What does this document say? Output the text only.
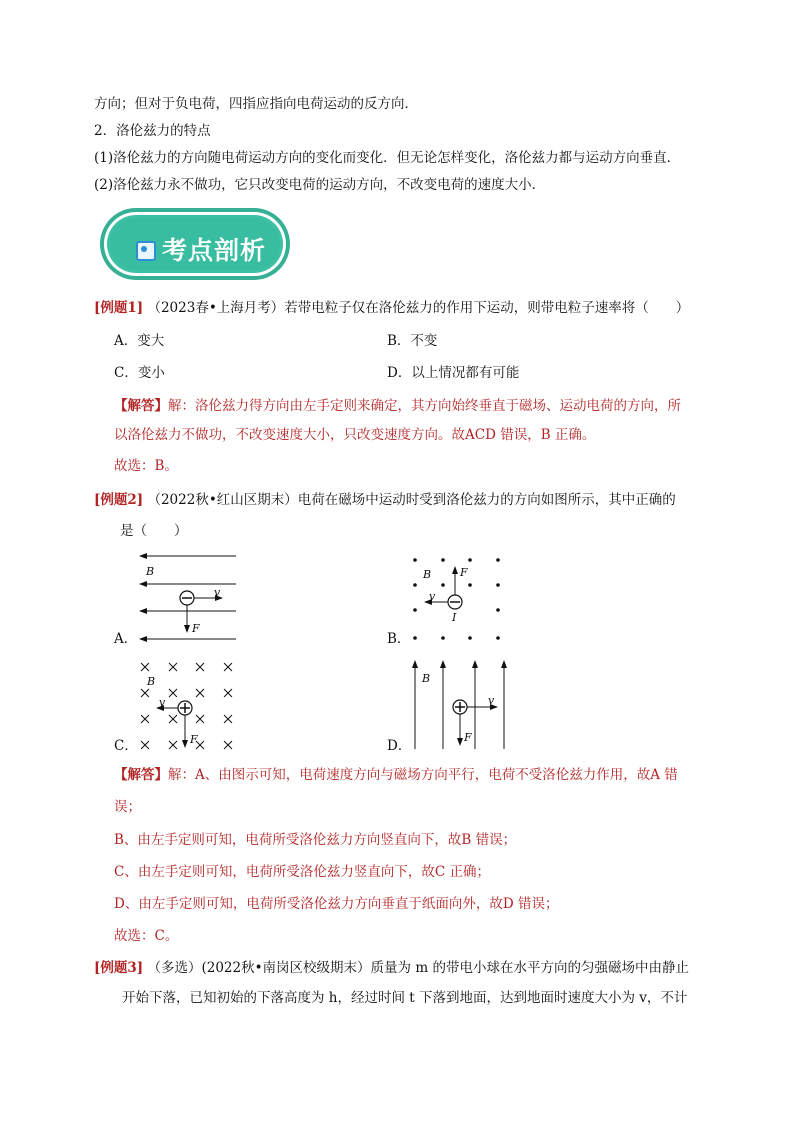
方向；但对于负电荷，四指应指向电荷运动的反方向．
2．洛伦兹力的特点
(1)洛伦兹力的方向随电荷运动方向的变化而变化．但无论怎样变化，洛伦兹力都与运动方向垂直．
(2)洛伦兹力永不做功，它只改变电荷的运动方向，不改变电荷的速度大小．
考点剖析
[例题1] （2023春•上海月考）若带电粒子仅在洛伦兹力的作用下运动，则带电粒子速率将（　　）
A．变大	B．不变
C．变小	D．以上情况都有可能
【解答】解：洛伦兹力得方向由左手定则来确定，其方向始终垂直于磁场、运动电荷的方向，所
以洛伦兹力不做功，不改变速度大小，只改变速度方向。故ACD 错误，B 正确。
故选：B。
[例题2] （2022秋•红山区期末）电荷在磁场中运动时受到洛伦兹力的方向如图所示，其中正确的
是（　　）
A．
B
v
F
B．
B
v
F
I
C．
B
v
F	D．
B
v
F
【解答】解：A、由图示可知，电荷速度方向与磁场方向平行，电荷不受洛伦兹力作用，故A 错
误；
B、由左手定则可知，电荷所受洛伦兹力方向竖直向下，故B 错误；
C、由左手定则可知，电荷所受洛伦兹力竖直向下，故C 正确；
D、由左手定则可知，电荷所受洛伦兹力方向垂直于纸面向外，故D 错误；
故选：C。
[例题3] （多选）(2022秋•南岗区校级期末）质量为 m 的带电小球在水平方向的匀强磁场中由静止
开始下落，已知初始的下落高度为 h，经过时间 t 下落到地面，达到地面时速度大小为 v，不计
